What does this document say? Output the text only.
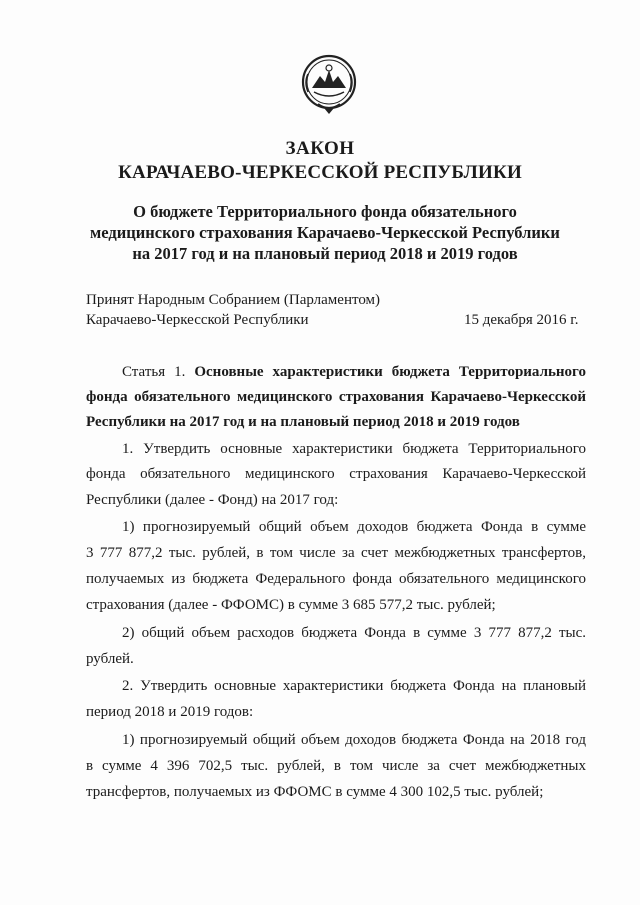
ЗАКОН
КАРАЧАЕВО-ЧЕРКЕССКОЙ РЕСПУБЛИКИ
О бюджете Территориального фонда обязательного
медицинского страхования Карачаево-Черкесской Республики
на 2017 год и на плановый период 2018 и 2019 годов
Принят Народным Собранием (Парламентом)
Карачаево-Черкесской Республики	15 декабря 2016 г.
Статья 1. Основные характеристики бюджета Территориального
фонда обязательного медицинского страхования Карачаево-Черкесской
Республики на 2017 год и на плановый период 2018 и 2019 годов
1. Утвердить основные характеристики бюджета Территориального
фонда обязательного медицинского страхования Карачаево-Черкесской
Республики (далее - Фонд) на 2017 год:
1) прогнозируемый общий объем доходов бюджета Фонда в сумме
3 777 877,2 тыс. рублей, в том числе за счет межбюджетных трансфертов,
получаемых из бюджета Федерального фонда обязательного медицинского
страхования (далее - ФФОМС) в сумме 3 685 577,2 тыс. рублей;
2) общий объем расходов бюджета Фонда в сумме 3 777 877,2 тыс.
рублей.
2. Утвердить основные характеристики бюджета Фонда на плановый
период 2018 и 2019 годов:
1) прогнозируемый общий объем доходов бюджета Фонда на 2018 год
в сумме 4 396 702,5 тыс. рублей, в том числе за счет межбюджетных
трансфертов, получаемых из ФФОМС в сумме 4 300 102,5 тыс. рублей;
